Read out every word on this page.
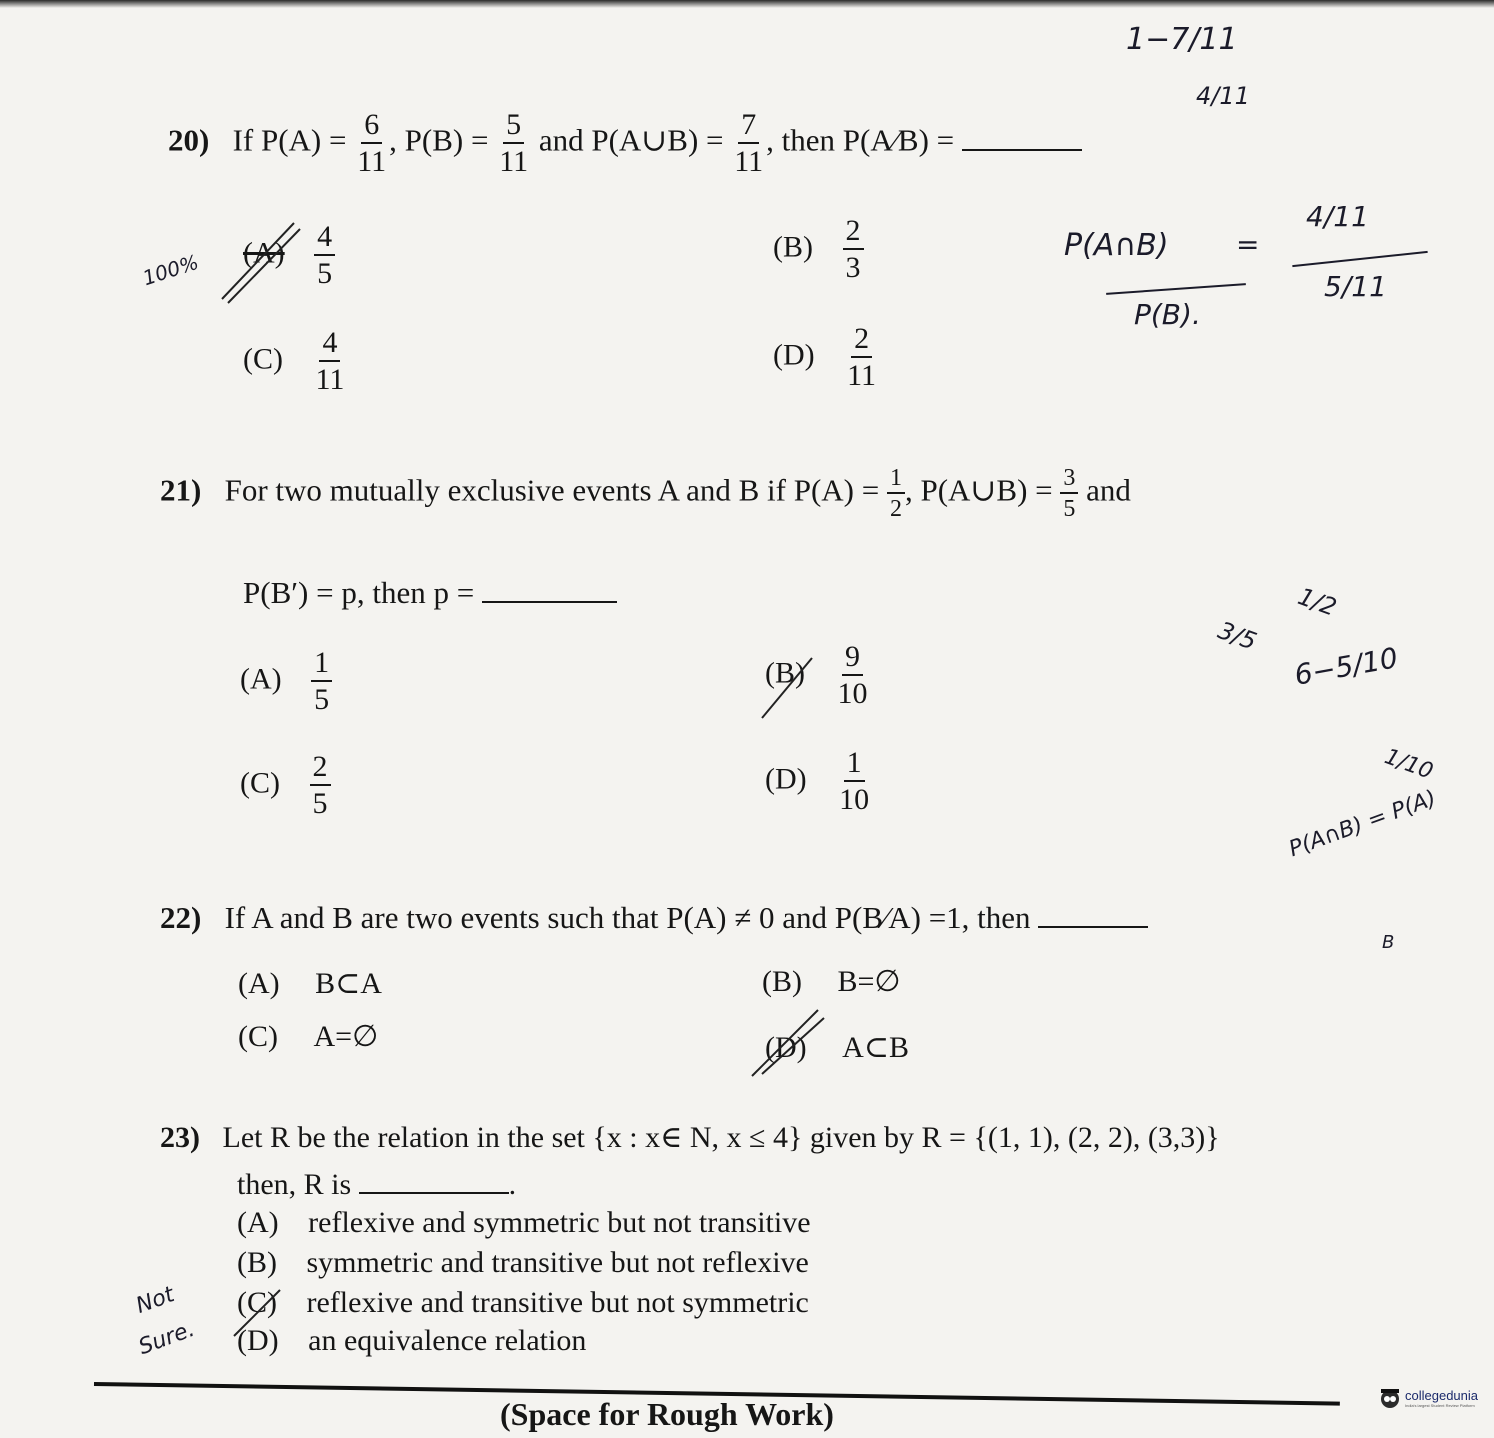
20) If $P(A) = \frac{6}{11}$ , $P(B) = \frac{5}{11}$ and P(A∪B) = $\frac{7}{11}$ , then P(A⁄B) =
$(A) \frac{4}{5}$	$(B) \frac{2}{3}$
$(C) \frac{4}{11}$	$(D) \frac{2}{11}$
21) For two mutually exclusive events A and B if $P(A) = \frac{1}{2}$ , P(A∪B) = $\frac{3}{5}$ and
P(B′) = p, then p =
$(A) \frac{1}{5}$	$(B) \frac{9}{10}$
$(C) \frac{2}{5}$	$(D) \frac{1}{10}$
22) If A and B are two events such that P(A) ≠ 0 and P(B⁄A) =1, then
(A) B⊂A	(B) B=∅
(C) A=∅	(D) A⊂B
23) Let R be the relation in the set {x : x∈ N, x ≤ 4} given by R = {(1, 1), (2, 2), (3,3)}
then, R is	.
(A) reflexive and symmetric but not transitive
(B) symmetric and transitive but not reflexive
(C) reflexive and transitive but not symmetric
(D) an equivalence relation
(Space for Rough Work)
1−7/11
4/11
P(A∩B)
P(B).
=
4/11
5/11
100%
3/5
1/2
6−5/10
1/10
P(A∩B) = P(A)
B
Not
Sure.
collegedunia
India's largest Student Review Platform
